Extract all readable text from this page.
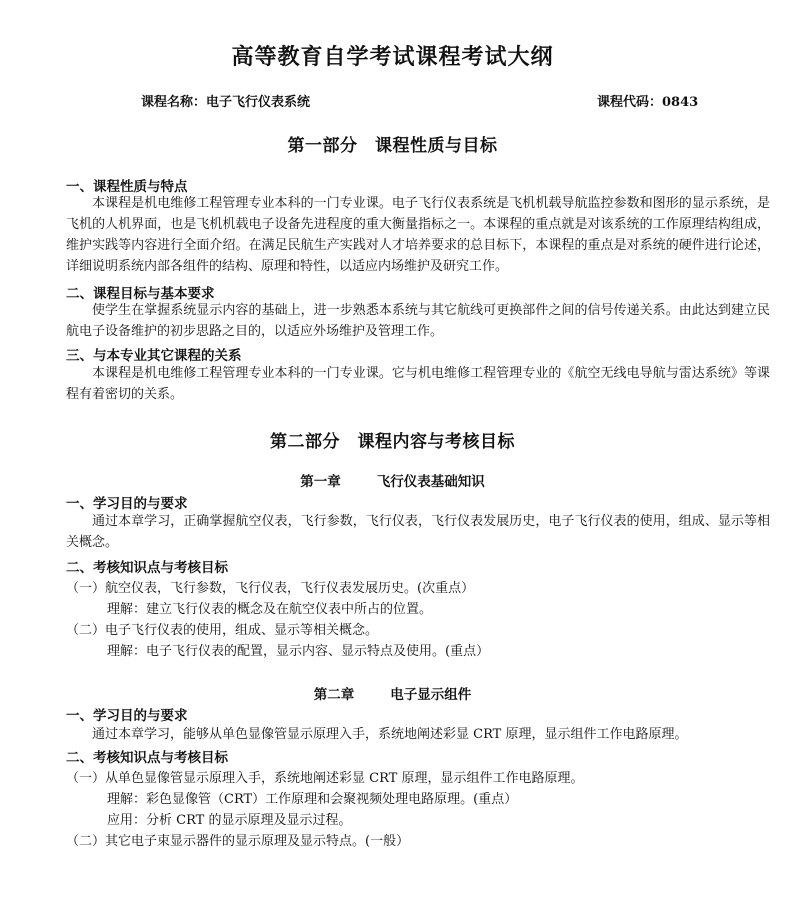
高等教育自学考试课程考试大纲
课程名称：电子飞行仪表系统	课程代码：0843
第一部分　课程性质与目标
一、课程性质与特点

本课程是机电维修工程管理专业本科的一门专业课。电子飞行仪表系统是飞机机载导航监控参数和图形的显示系统，是飞机的人机界面，也是飞机机载电子设备先进程度的重大衡量指标之一。本课程的重点就是对该系统的工作原理结构组成，维护实践等内容进行全面介绍。在满足民航生产实践对人才培养要求的总目标下，本课程的重点是对系统的硬件进行论述，详细说明系统内部各组件的结构、原理和特性，以适应内场维护及研究工作。

二、课程目标与基本要求

使学生在掌握系统显示内容的基础上，进一步熟悉本系统与其它航线可更换部件之间的信号传递关系。由此达到建立民航电子设备维护的初步思路之目的，以适应外场维护及管理工作。

三、与本专业其它课程的关系

本课程是机电维修工程管理专业本科的一门专业课。它与机电维修工程管理专业的《航空无线电导航与雷达系统》等课程有着密切的关系。

第二部分　课程内容与考核目标
第一章	飞行仪表基础知识
一、学习目的与要求

通过本章学习，正确掌握航空仪表，飞行参数，飞行仪表，飞行仪表发展历史，电子飞行仪表的使用，组成、显示等相关概念。

二、考核知识点与考核目标
（一）航空仪表，飞行参数，飞行仪表，飞行仪表发展历史。(次重点）
理解：建立飞行仪表的概念及在航空仪表中所占的位置。
（二）电子飞行仪表的使用，组成、显示等相关概念。
理解：电子飞行仪表的配置，显示内容、显示特点及使用。(重点）
第二章	电子显示组件
一、学习目的与要求

通过本章学习，能够从单色显像管显示原理入手，系统地阐述彩显 CRT 原理，显示组件工作电路原理。

二、考核知识点与考核目标
（一）从单色显像管显示原理入手，系统地阐述彩显 CRT 原理，显示组件工作电路原理。
理解：彩色显像管（CRT）工作原理和会聚视频处理电路原理。(重点）
应用：分析 CRT 的显示原理及显示过程。
（二）其它电子束显示器件的显示原理及显示特点。(一般）
